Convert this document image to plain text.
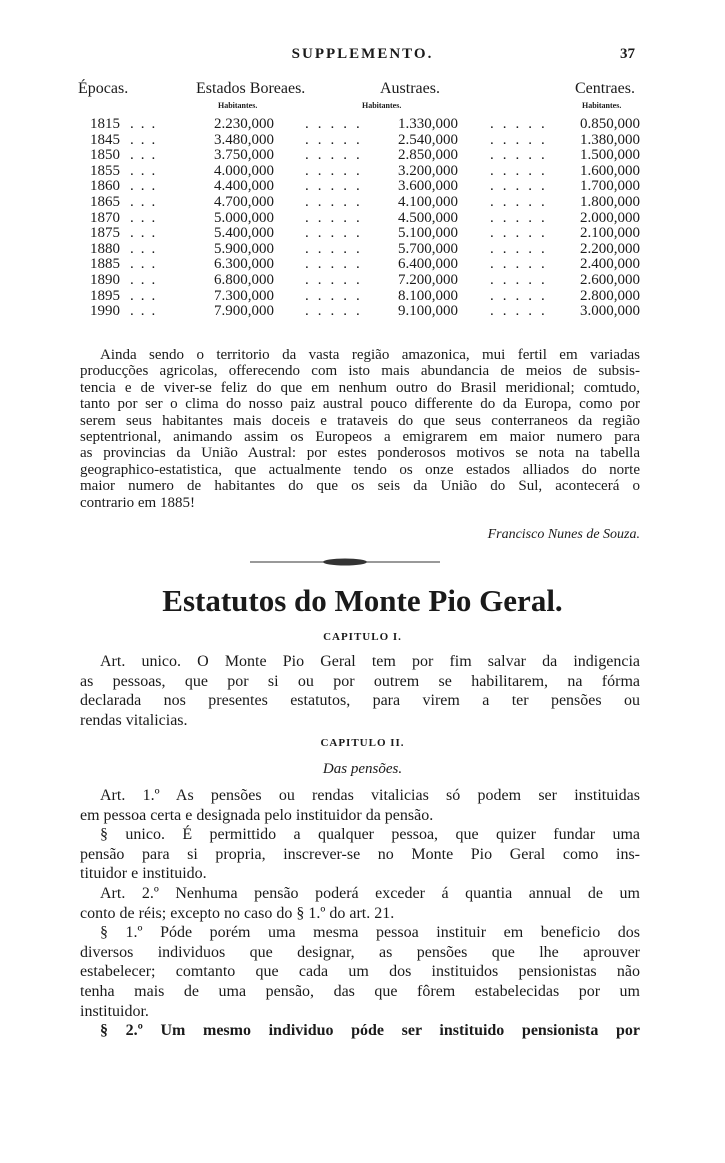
SUPPLEMENTO.	37
Épocas.	Estados Boreaes.	Austraes.	Centraes.
Habitantes.	Habitantes.	Habitantes.
1815 ...	2.230,000 ..... 1.330,000 ..... 0.850,000
1845 ...	3.480,000 ..... 2.540,000 ..... 1.380,000
1850 ...	3.750,000 ..... 2.850,000 ..... 1.500,000
1855 ...	4.000,000 ..... 3.200,000 ..... 1.600,000
1860 ...	4.400,000 ..... 3.600,000 ..... 1.700,000
1865 ...	4.700,000 ..... 4.100,000 ..... 1.800,000
1870 ...	5.000,000 ..... 4.500,000 ..... 2.000,000
1875 ...	5.400,000 ..... 5.100,000 ..... 2.100,000
1880 ...	5.900,000 ..... 5.700,000 ..... 2.200,000
1885 ...	6.300,000 ..... 6.400,000 ..... 2.400,000
1890 ...	6.800,000 ..... 7.200,000 ..... 2.600,000
1895 ...	7.300,000 ..... 8.100,000 ..... 2.800,000
1990 ...	7.900,000 ..... 9.100,000 ..... 3.000,000
Ainda sendo o territorio da vasta região amazonica, mui fertil em variadas
producções agricolas, offerecendo com isto mais abundancia de meios de subsis-
tencia e de viver-se feliz do que em nenhum outro do Brasil meridional; comtudo,
tanto por ser o clima do nosso paiz austral pouco differente do da Europa, como por
serem seus habitantes mais doceis e trataveis do que seus conterraneos da região
septentrional, animando assim os Europeos a emigrarem em maior numero para
as provincias da União Austral: por estes ponderosos motivos se nota na tabella
geographico-estatistica, que actualmente tendo os onze estados alliados do norte
maior numero de habitantes do que os seis da União do Sul, acontecerá o
contrario em 1885!
Francisco Nunes de Souza.
Estatutos do Monte Pio Geral.
CAPITULO I.
Art. unico. O Monte Pio Geral tem por fim salvar da indigencia
as pessoas, que por si ou por outrem se habilitarem, na fórma
declarada nos presentes estatutos, para virem a ter pensões ou
rendas vitalicias.
CAPITULO II.
Das pensões.
Art. 1.º As pensões ou rendas vitalicias só podem ser instituidas
em pessoa certa e designada pelo instituidor da pensão.
§ unico. É permittido a qualquer pessoa, que quizer fundar uma
pensão para si propria, inscrever-se no Monte Pio Geral como ins-
tituidor e instituido.
Art. 2.º Nenhuma pensão poderá exceder á quantia annual de um
conto de réis; excepto no caso do § 1.º do art. 21.
§ 1.º Póde porém uma mesma pessoa instituir em beneficio dos
diversos individuos que designar, as pensões que lhe aprouver
estabelecer; comtanto que cada um dos instituidos pensionistas não
tenha mais de uma pensão, das que fôrem estabelecidas por um
instituidor.
§ 2.º Um mesmo individuo póde ser instituido pensionista por
